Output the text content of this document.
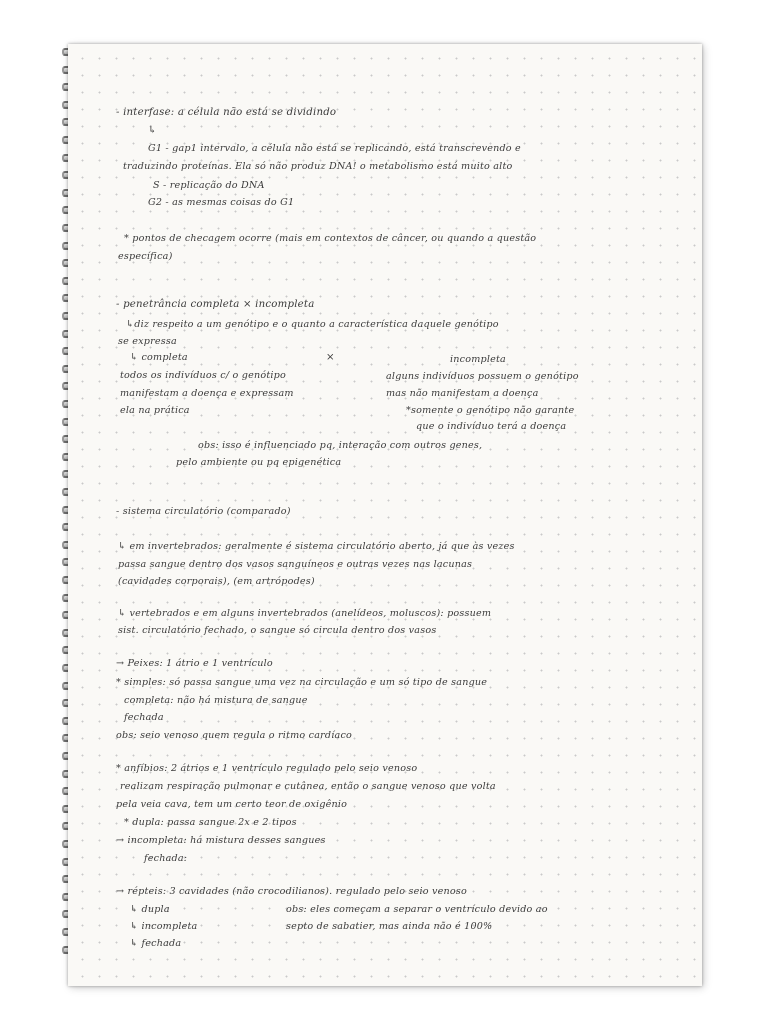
- interfase: a célula não está se dividindo
↳
G1 - gap1 intervalo, a célula não está se replicando, está transcrevendo e
traduzindo proteínas. Ela só não produz DNA! o metabolismo está muito alto
S - replicação do DNA
G2 - as mesmas coisas do G1
* pontos de checagem ocorre (mais em contextos de câncer, ou quando a questão
específica)
- penetrância completa × incompleta
↳diz respeito a um genótipo e o quanto a característica daquele genótipo
se expressa
↳ completa	×	incompleta
todos os indivíduos c/ o genótipo	alguns indivíduos possuem o genótipo
manifestam a doença e expressam	mas não manifestam a doença
ela na prática	*somente o genótipo não garante
que o indivíduo terá a doença
obs: isso é influenciado pq, interação com outros genes,
pelo ambiente ou pq epigenética
- sistema circulatório (comparado)
↳ em invertebrados: geralmente é sistema circulatório aberto, já que às vezes
passa sangue dentro dos vasos sanguíneos e outras vezes nas lacunas
(cavidades corporais), (em artrópodes)
↳ vertebrados e em alguns invertebrados (anelídeos, moluscos): possuem
sist. circulatório fechado, o sangue só circula dentro dos vasos
→ Peixes: 1 átrio e 1 ventrículo
* simples: só passa sangue uma vez na circulação e um só tipo de sangue
completa: não há mistura de sangue
fechada
obs: seio venoso quem regula o ritmo cardíaco
* anfíbios: 2 átrios e 1 ventrículo regulado pelo seio venoso
realizam respiração pulmonar e cutânea, então o sangue venoso que volta
pela veia cava, tem um certo teor de oxigênio
* dupla: passa sangue 2x e 2 tipos
→ incompleta: há mistura desses sangues
fechada:
→ répteis: 3 cavidades (não crocodilianos). regulado pelo seio venoso
↳ dupla	obs: eles começam a separar o ventrículo devido ao
↳ incompleta	septo de sabatier, mas ainda não é 100%
↳ fechada
